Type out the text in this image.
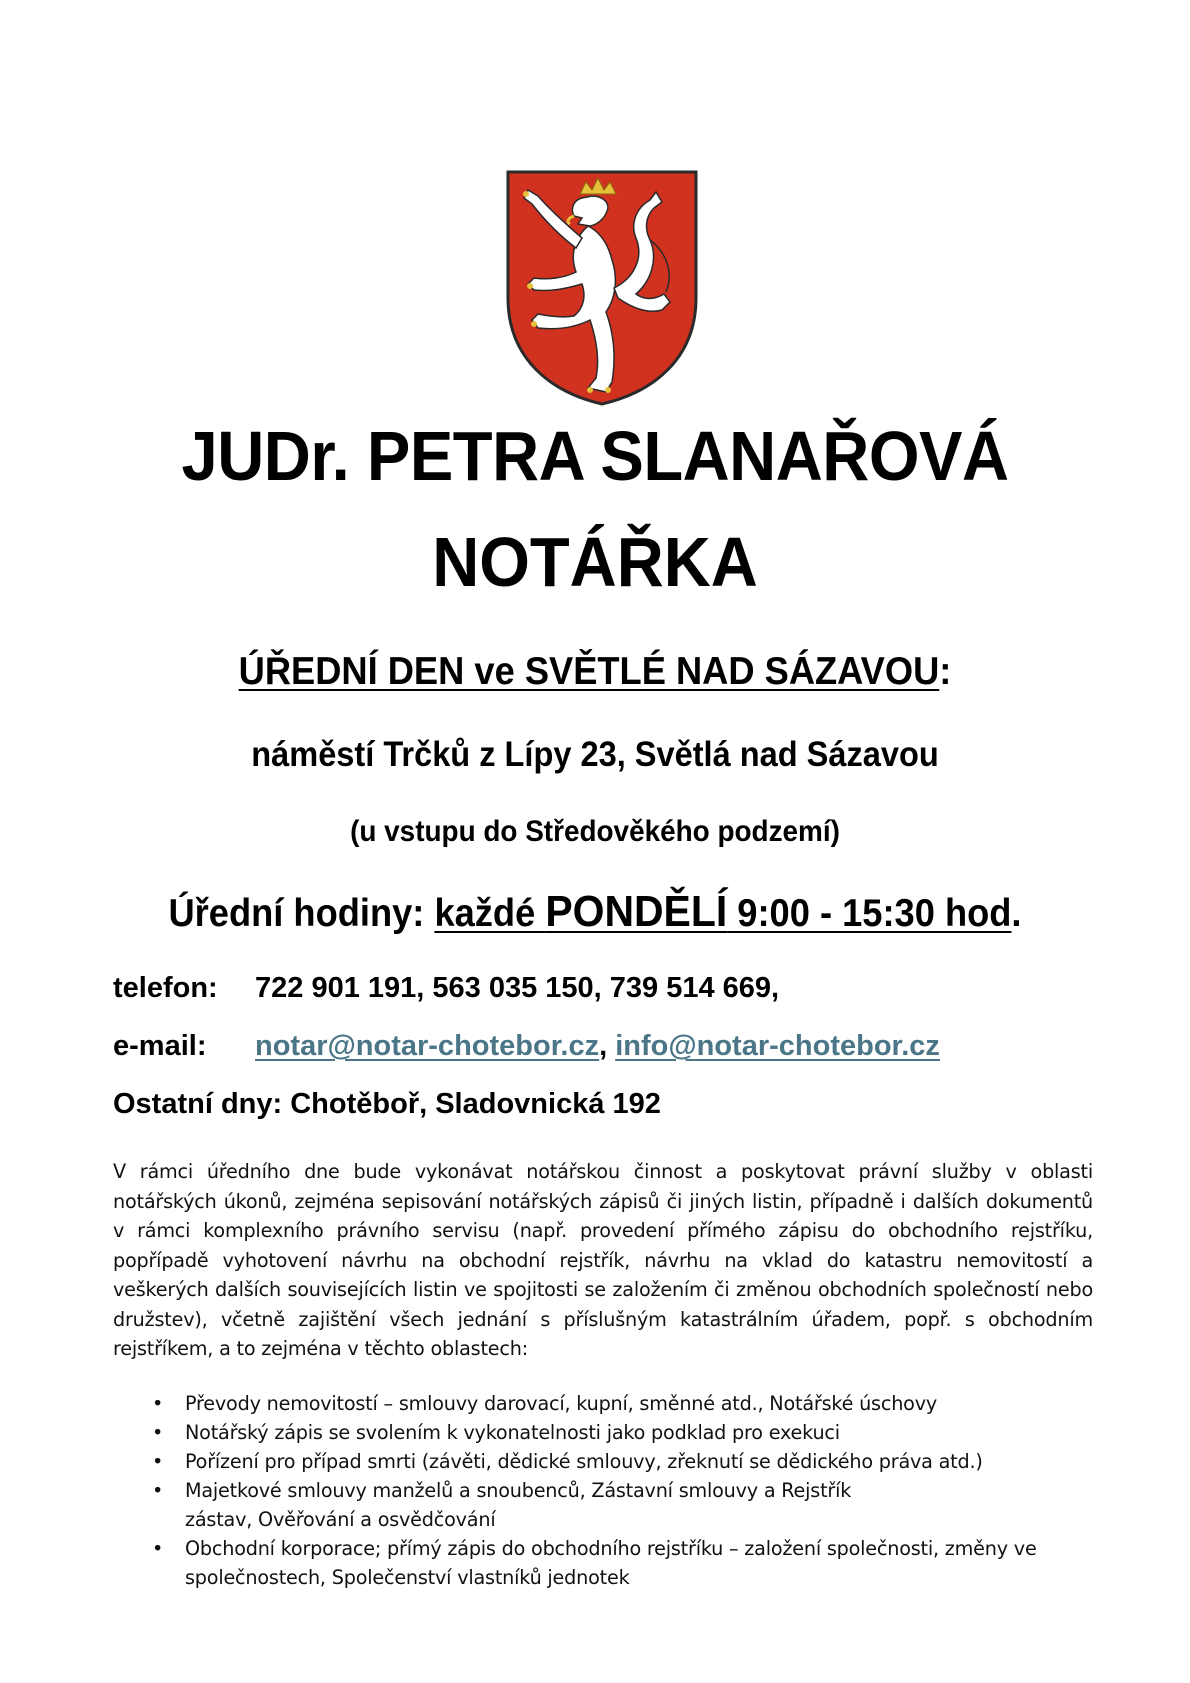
JUDr. PETRA SLANAŘOVÁ
NOTÁŘKA
ÚŘEDNÍ DEN ve SVĚTLÉ NAD SÁZAVOU:
náměstí Trčků z Lípy 23, Světlá nad Sázavou
(u vstupu do Středověkého podzemí)
Úřední hodiny: každé PONDĚLÍ 9:00 - 15:30 hod.
telefon: 722 901 191, 563 035 150, 739 514 669,
e-mail: notar@notar-chotebor.cz, info@notar-chotebor.cz
Ostatní dny: Chotěboř, Sladovnická 192
V rámci úředního dne bude vykonávat notářskou činnost a poskytovat právní služby v oblasti notářských úkonů, zejména sepisování notářských zápisů či jiných listin, případně i dalších dokumentů v rámci komplexního právního servisu (např. provedení přímého zápisu do obchodního rejstříku, popřípadě vyhotovení návrhu na obchodní rejstřík, návrhu na vklad do katastru nemovitostí a veškerých dalších souvisejících listin ve spojitosti se založením či změnou obchodních společností nebo družstev), včetně zajištění všech jednání s příslušným katastrálním úřadem, popř. s obchodním rejstříkem, a to zejména v těchto oblastech:
• Převody nemovitostí – smlouvy darovací, kupní, směnné atd., Notářské úschovy
• Notářský zápis se svolením k vykonatelnosti jako podklad pro exekuci
• Pořízení pro případ smrti (závěti, dědické smlouvy, zřeknutí se dědického práva atd.)
• Majetkové smlouvy manželů a snoubenců, Zástavní smlouvy a Rejstřík zástav, Ověřování a osvědčování
• Obchodní korporace; přímý zápis do obchodního rejstříku – založení společnosti, změny ve společnostech, Společenství vlastníků jednotek
